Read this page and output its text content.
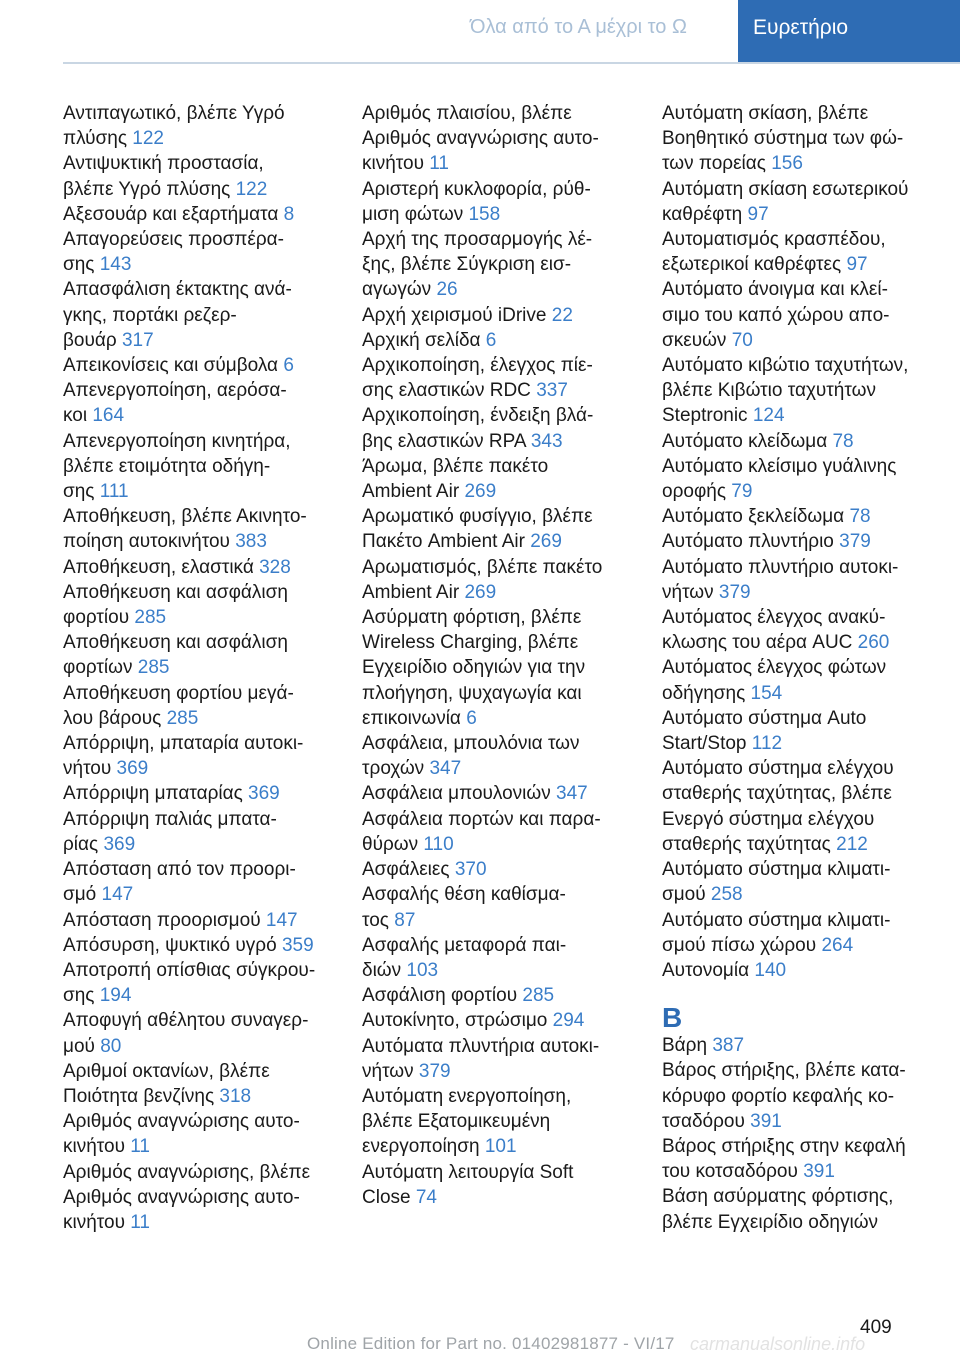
Όλα από το Α μέχρι το Ω	Ευρετήριο
Αντιπαγωτικό, βλέπε Υγρό
πλύσης 122
Αντιψυκτική προστασία,
βλέπε Υγρό πλύσης 122
Αξεσουάρ και εξαρτήματα 8
Απαγορεύσεις προσπέρα-
σης 143
Απασφάλιση έκτακτης ανά-
γκης, πορτάκι ρεζερ-
βουάρ 317
Απεικονίσεις και σύμβολα 6
Απενεργοποίηση, αερόσα-
κοι 164
Απενεργοποίηση κινητήρα,
βλέπε ετοιμότητα οδήγη-
σης 111
Αποθήκευση, βλέπε Ακινητο-
ποίηση αυτοκινήτου 383
Αποθήκευση, ελαστικά 328
Αποθήκευση και ασφάλιση
φορτίου 285
Αποθήκευση και ασφάλιση
φορτίων 285
Αποθήκευση φορτίου μεγά-
λου βάρους 285
Απόρριψη, μπαταρία αυτοκι-
νήτου 369
Απόρριψη μπαταρίας 369
Απόρριψη παλιάς μπατα-
ρίας 369
Απόσταση από τον προορι-
σμό 147
Απόσταση προορισμού 147
Απόσυρση, ψυκτικό υγρό 359
Αποτροπή οπίσθιας σύγκρου-
σης 194
Αποφυγή αθέλητου συναγερ-
μού 80
Αριθμοί οκτανίων, βλέπε
Ποιότητα βενζίνης 318
Αριθμός αναγνώρισης αυτο-
κινήτου 11
Αριθμός αναγνώρισης, βλέπε
Αριθμός αναγνώρισης αυτο-
κινήτου 11
Αριθμός πλαισίου, βλέπε
Αριθμός αναγνώρισης αυτο-
κινήτου 11
Αριστερή κυκλοφορία, ρύθ-
μιση φώτων 158
Αρχή της προσαρμογής λέ-
ξης, βλέπε Σύγκριση εισ-
αγωγών 26
Αρχή χειρισμού iDrive 22
Αρχική σελίδα 6
Αρχικοποίηση, έλεγχος πίε-
σης ελαστικών RDC 337
Αρχικοποίηση, ένδειξη βλά-
βης ελαστικών RPA 343
Άρωμα, βλέπε πακέτο
Ambient Air 269
Αρωματικό φυσίγγιο, βλέπε
Πακέτο Ambient Air 269
Αρωματισμός, βλέπε πακέτο
Ambient Air 269
Ασύρματη φόρτιση, βλέπε
Wireless Charging, βλέπε
Εγχειρίδιο οδηγιών για την
πλοήγηση, ψυχαγωγία και
επικοινωνία 6
Ασφάλεια, μπουλόνια των
τροχών 347
Ασφάλεια μπουλονιών 347
Ασφάλεια πορτών και παρα-
θύρων 110
Ασφάλειες 370
Ασφαλής θέση καθίσμα-
τος 87
Ασφαλής μεταφορά παι-
διών 103
Ασφάλιση φορτίου 285
Αυτοκίνητο, στρώσιμο 294
Αυτόματα πλυντήρια αυτοκι-
νήτων 379
Αυτόματη ενεργοποίηση,
βλέπε Εξατομικευμένη
ενεργοποίηση 101
Αυτόματη λειτουργία Soft
Close 74
Αυτόματη σκίαση, βλέπε
Βοηθητικό σύστημα των φώ-
των πορείας 156
Αυτόματη σκίαση εσωτερικού
καθρέφτη 97
Αυτοματισμός κρασπέδου,
εξωτερικοί καθρέφτες 97
Αυτόματο άνοιγμα και κλεί-
σιμο του καπό χώρου απο-
σκευών 70
Αυτόματο κιβώτιο ταχυτήτων,
βλέπε Κιβώτιο ταχυτήτων
Steptronic 124
Αυτόματο κλείδωμα 78
Αυτόματο κλείσιμο γυάλινης
οροφής 79
Αυτόματο ξεκλείδωμα 78
Αυτόματο πλυντήριο 379
Αυτόματο πλυντήριο αυτοκι-
νήτων 379
Αυτόματος έλεγχος ανακύ-
κλωσης του αέρα AUC 260
Αυτόματος έλεγχος φώτων
οδήγησης 154
Αυτόματο σύστημα Auto
Start/Stop 112
Αυτόματο σύστημα ελέγχου
σταθερής ταχύτητας, βλέπε
Ενεργό σύστημα ελέγχου
σταθερής ταχύτητας 212
Αυτόματο σύστημα κλιματι-
σμού 258
Αυτόματο σύστημα κλιματι-
σμού πίσω χώρου 264
Αυτονομία 140
B
Βάρη 387
Βάρος στήριξης, βλέπε κατα-
κόρυφο φορτίο κεφαλής κο-
τσαδόρου 391
Βάρος στήριξης στην κεφαλή
του κοτσαδόρου 391
Βάση ασύρματης φόρτισης,
βλέπε Εγχειρίδιο οδηγιών
409
Online Edition for Part no. 01402981877 - VI/17 carmanualsonline.info
